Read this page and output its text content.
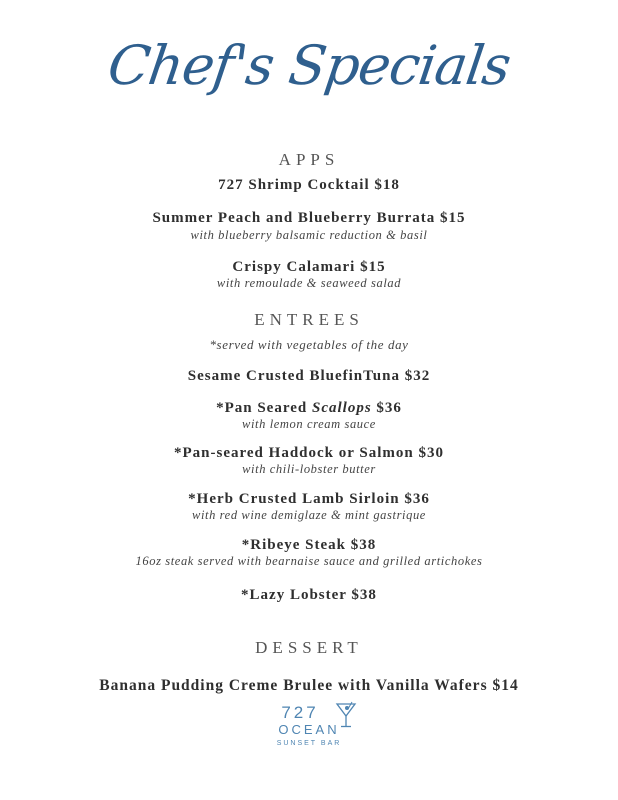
Chef's Specials
APPS
727 Shrimp Cocktail $18
Summer Peach and Blueberry Burrata $15
with blueberry balsamic reduction & basil
Crispy Calamari $15
with remoulade & seaweed salad
ENTREES
*served with vegetables of the day
Sesame Crusted BluefinTuna $32
*Pan Seared Scallops $36
with lemon cream sauce
*Pan-seared Haddock or Salmon $30
with chili-lobster butter
*Herb Crusted Lamb Sirloin $36
with red wine demiglaze & mint gastrique
*Ribeye Steak $38
16oz steak served with bearnaise sauce and grilled artichokes
*Lazy Lobster $38
DESSERT
Banana Pudding Creme Brulee with Vanilla Wafers $14
727
OCEAN
SUNSET BAR
